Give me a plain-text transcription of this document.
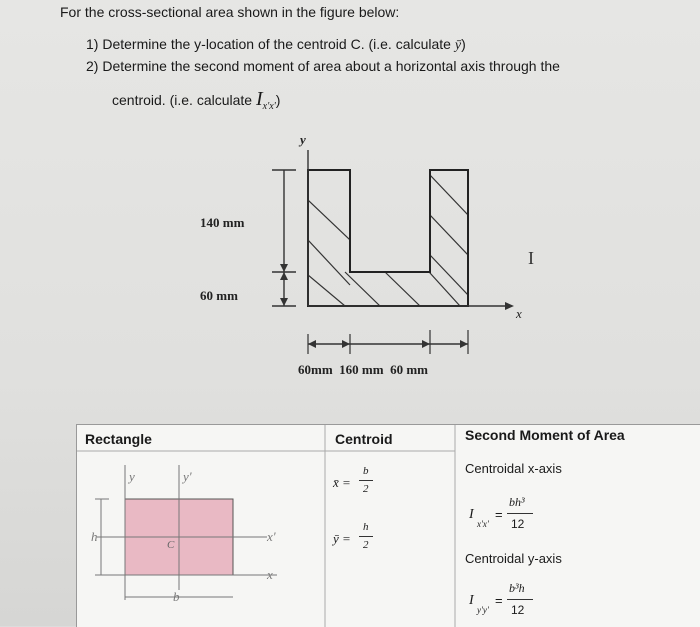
For the cross-sectional area shown in the figure below:
1) Determine the y-location of the centroid C. (i.e. calculate ȳ)
2) Determine the second moment of area about a horizontal axis through the
centroid. (i.e. calculate $I_{x'x'}$)
y
x
140 mm
60 mm
60mm  160 mm  60 mm
I
Rectangle	Centroid	Second Moment of Area
y	y'
x'
x
h
b
C
x̄ =
b
2
ȳ =
h
2
Centroidal x-axis
I
x'x'
=
bh³
12
Centroidal y-axis
I
y'y'
=
b³h
12
